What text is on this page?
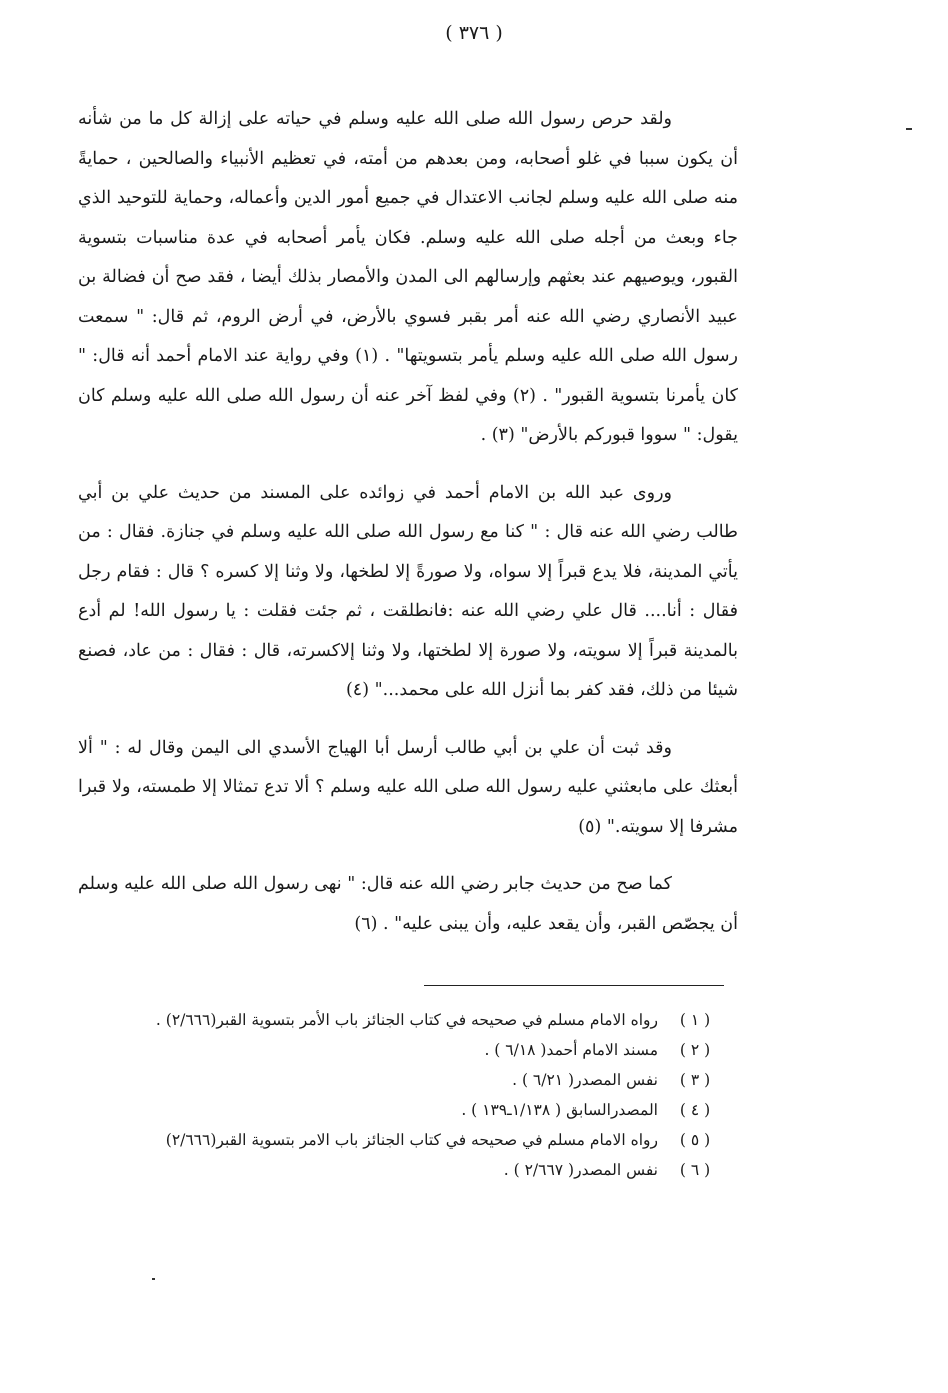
( ٣٧٦ )

ولقد حرص رسول الله صلى الله عليه وسلم في حياته على إزالة كل ما من شأنه أن يكون سببا في غلو أصحابه، ومن بعدهم من أمته، في تعظيم الأنبياء والصالحين ، حمايةً منه صلى الله عليه وسلم لجانب الاعتدال في جميع أمور الدين وأعماله، وحماية للتوحيد الذي جاء وبعث من أجله صلى الله عليه وسلم. فكان يأمر أصحابه في عدة مناسبات بتسوية القبور، ويوصيهم عند بعثهم وإرسالهم الى المدن والأمصار بذلك أيضا ، فقد صح أن فضالة بن عبيد الأنصاري رضي الله عنه أمر بقبر فسوي بالأرض، في أرض الروم، ثم قال: " سمعت رسول الله صلى الله عليه وسلم يأمر بتسويتها" . (١) وفي رواية عند الامام أحمد أنه قال: " كان يأمرنا بتسوية القبور" . (٢) وفي لفظ آخر عنه أن رسول الله صلى الله عليه وسلم كان يقول: " سووا قبوركم بالأرض" (٣) .

وروى عبد الله بن الامام أحمد في زوائده على المسند من حديث علي بن أبي طالب رضي الله عنه قال : " كنا مع رسول الله صلى الله عليه وسلم في جنازة. فقال : من يأتي المدينة، فلا يدع قبراً إلا سواه، ولا صورةً إلا لطخها، ولا وثنا إلا كسره ؟ قال : فقام رجل فقال : أنا.... قال علي رضي الله عنه :فانطلقت ، ثم جئت فقلت : يا رسول الله! لم أدع بالمدينة قبراً إلا سويته، ولا صورة إلا لطختها، ولا وثنا إلاكسرته، قال : فقال : من عاد، فصنع شيئا من ذلك، فقد كفر بما أنزل الله على محمد..." (٤)

وقد ثبت أن علي بن أبي طالب أرسل أبا الهياج الأسدي الى اليمن وقال له : " ألا أبعثك على مابعثني عليه رسول الله صلى الله عليه وسلم ؟ ألا تدع تمثالا إلا طمسته، ولا قبرا مشرفا إلا سويته." (٥)

كما صح من حديث جابر رضي الله عنه قال: " نهى رسول الله صلى الله عليه وسلم أن يجصّص القبر، وأن يقعد عليه، وأن يبنى عليه" . (٦)

( ١ )
رواه الامام مسلم في صحيحه في كتاب الجنائز باب الأمر بتسوية القبر(٢/٦٦٦) .
( ٢ )
مسند الامام أحمد( ٦/١٨ ) .
( ٣ )
نفس المصدر( ٦/٢١ ) .
( ٤ )
المصدرالسابق ( ١/١٣٨ـ١٣٩ ) .
( ٥ )
رواه الامام مسلم في صحيحه في كتاب الجنائز باب الامر بتسوية القبر(٢/٦٦٦)
( ٦ )
نفس المصدر( ٢/٦٦٧ ) .
